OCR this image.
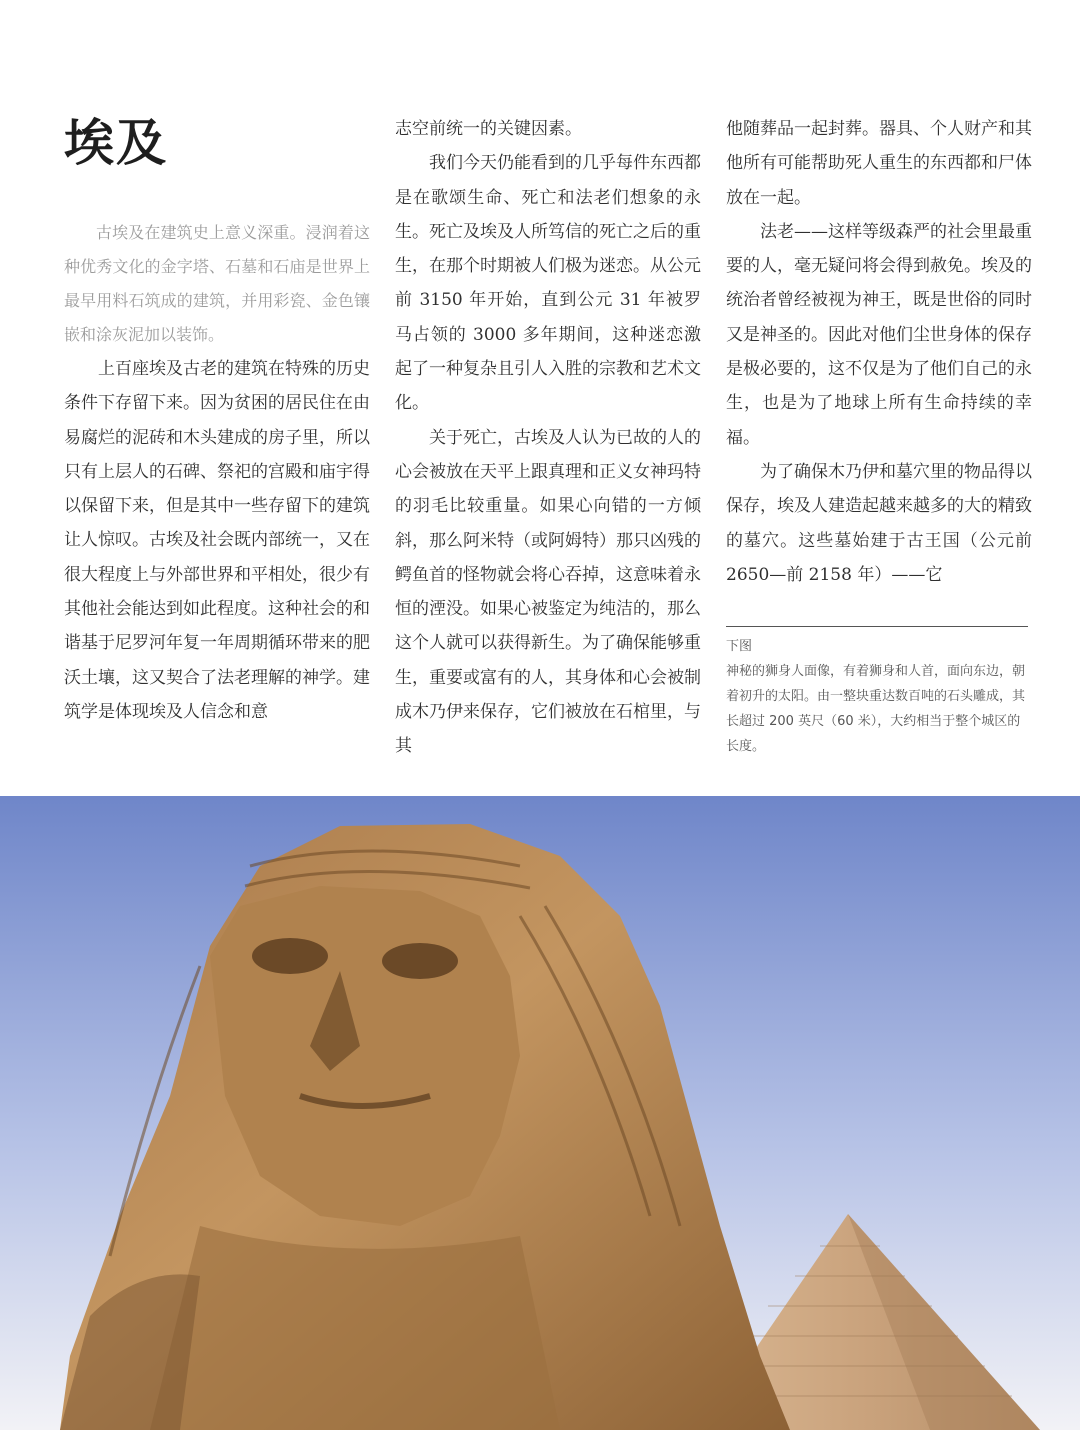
埃及

古埃及在建筑史上意义深重。浸润着这种优秀文化的金字塔、石墓和石庙是世界上最早用料石筑成的建筑，并用彩瓷、金色镶嵌和涂灰泥加以装饰。

上百座埃及古老的建筑在特殊的历史条件下存留下来。因为贫困的居民住在由易腐烂的泥砖和木头建成的房子里，所以只有上层人的石碑、祭祀的宫殿和庙宇得以保留下来，但是其中一些存留下的建筑让人惊叹。古埃及社会既内部统一，又在很大程度上与外部世界和平相处，很少有其他社会能达到如此程度。这种社会的和谐基于尼罗河年复一年周期循环带来的肥沃土壤，这又契合了法老理解的神学。建筑学是体现埃及人信念和意

志空前统一的关键因素。

我们今天仍能看到的几乎每件东西都是在歌颂生命、死亡和法老们想象的永生。死亡及埃及人所笃信的死亡之后的重生，在那个时期被人们极为迷恋。从公元前 3150 年开始，直到公元 31 年被罗马占领的 3000 多年期间，这种迷恋激起了一种复杂且引人入胜的宗教和艺术文化。

关于死亡，古埃及人认为已故的人的心会被放在天平上跟真理和正义女神玛特的羽毛比较重量。如果心向错的一方倾斜，那么阿米特（或阿姆特）那只凶残的鳄鱼首的怪物就会将心吞掉，这意味着永恒的湮没。如果心被鉴定为纯洁的，那么这个人就可以获得新生。为了确保能够重生，重要或富有的人，其身体和心会被制成木乃伊来保存，它们被放在石棺里，与其

他随葬品一起封葬。器具、个人财产和其他所有可能帮助死人重生的东西都和尸体放在一起。

法老——这样等级森严的社会里最重要的人，毫无疑问将会得到赦免。埃及的统治者曾经被视为神王，既是世俗的同时又是神圣的。因此对他们尘世身体的保存是极必要的，这不仅是为了他们自己的永生，也是为了地球上所有生命持续的幸福。

为了确保木乃伊和墓穴里的物品得以保存，埃及人建造起越来越多的大的精致的墓穴。这些墓始建于古王国（公元前 2650—前 2158 年）——它

下图
神秘的狮身人面像，有着狮身和人首，面向东边，朝着初升的太阳。由一整块重达数百吨的石头雕成，其长超过 200 英尺（60 米），大约相当于整个城区的长度。
